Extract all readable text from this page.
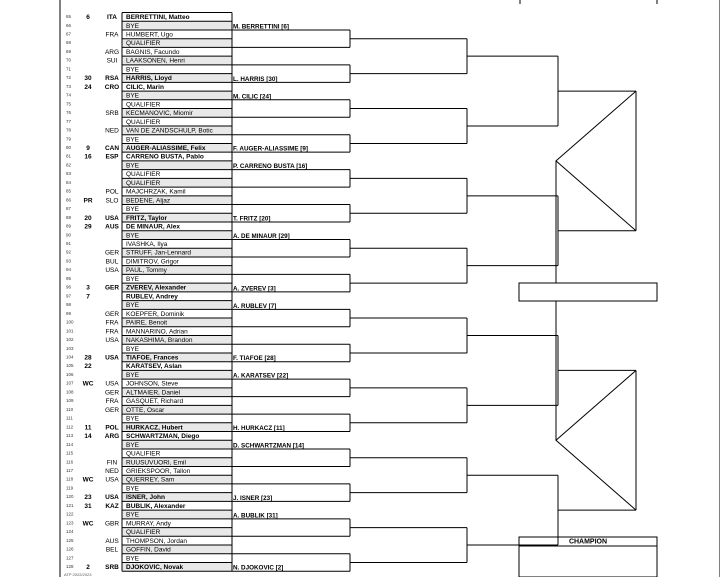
65 6	ITA BERRETTINI, Matteo
66	BYE
67	FRA HUMBERT, Ugo
68	QUALIFIER
69	ARG BAGNIS, Facundo
70	SUI LAAKSONEN, Henri
71	BYE
72 30 RSA HARRIS, Lloyd
73 24 CRO CILIC, Marin
74	BYE
75	QUALIFIER
76	SRB KECMANOVIC, Miomir
77	QUALIFIER
78	NED VAN DE ZANDSCHULP, Botic
79	BYE
80 9 CAN AUGER-ALIASSIME, Felix
81 16 ESP CARRENO BUSTA, Pablo
82	BYE
83	QUALIFIER
84	QUALIFIER
85	POL MAJCHRZAK, Kamil
86 PR SLO BEDENE, Aljaz
87	BYE
88 20 USA FRITZ, Taylor
89 29 AUS DE MINAUR, Alex
90	BYE
91	IVASHKA, Ilya
92	GER STRUFF, Jan-Lennard
93	BUL DIMITROV, Grigor
94	USA PAUL, Tommy
95	BYE
96 3 GER ZVEREV, Alexander
97 7	RUBLEV, Andrey
98	BYE
99	GER KOEPFER, Dominik
100	FRA PAIRE, Benoit
101	FRA MANNARINO, Adrian
102	USA NAKASHIMA, Brandon
103	BYE
104 28 USA TIAFOE, Frances
105 22	KARATSEV, Aslan
106	BYE
107 WC USA JOHNSON, Steve
108	GER ALTMAIER, Daniel
109	FRA GASQUET, Richard
110	GER OTTE, Oscar
111	BYE
112 11 POL HURKACZ, Hubert
113 14 ARG SCHWARTZMAN, Diego
114	BYE
115	QUALIFIER
116	FIN RUUSUVUORI, Emil
117	NED GRIEKSPOOR, Tallon
118 WC USA QUERREY, Sam
119	BYE
120 23 USA ISNER, John
121 31 KAZ BUBLIK, Alexander
122	BYE
123 WC GBR MURRAY, Andy
124	QUALIFIER
125	AUS THOMPSON, Jordan
126	BEL GOFFIN, David
127	BYE
128 2 SRB DJOKOVIC, Novak
M. BERRETTINI [6]
L. HARRIS [30]
M. CILIC [24]
F. AUGER-ALIASSIME [9]
P. CARRENO BUSTA [16]
T. FRITZ [20]
A. DE MINAUR [29]
A. ZVEREV [3]
A. RUBLEV [7]
F. TIAFOE [28]
A. KARATSEV [22]
H. HURKACZ [11]
D. SCHWARTZMAN [14]
J. ISNER [23]
A. BUBLIK [31]
N. DJOKOVIC [2]
CHAMPION
ATP 2022/2023
